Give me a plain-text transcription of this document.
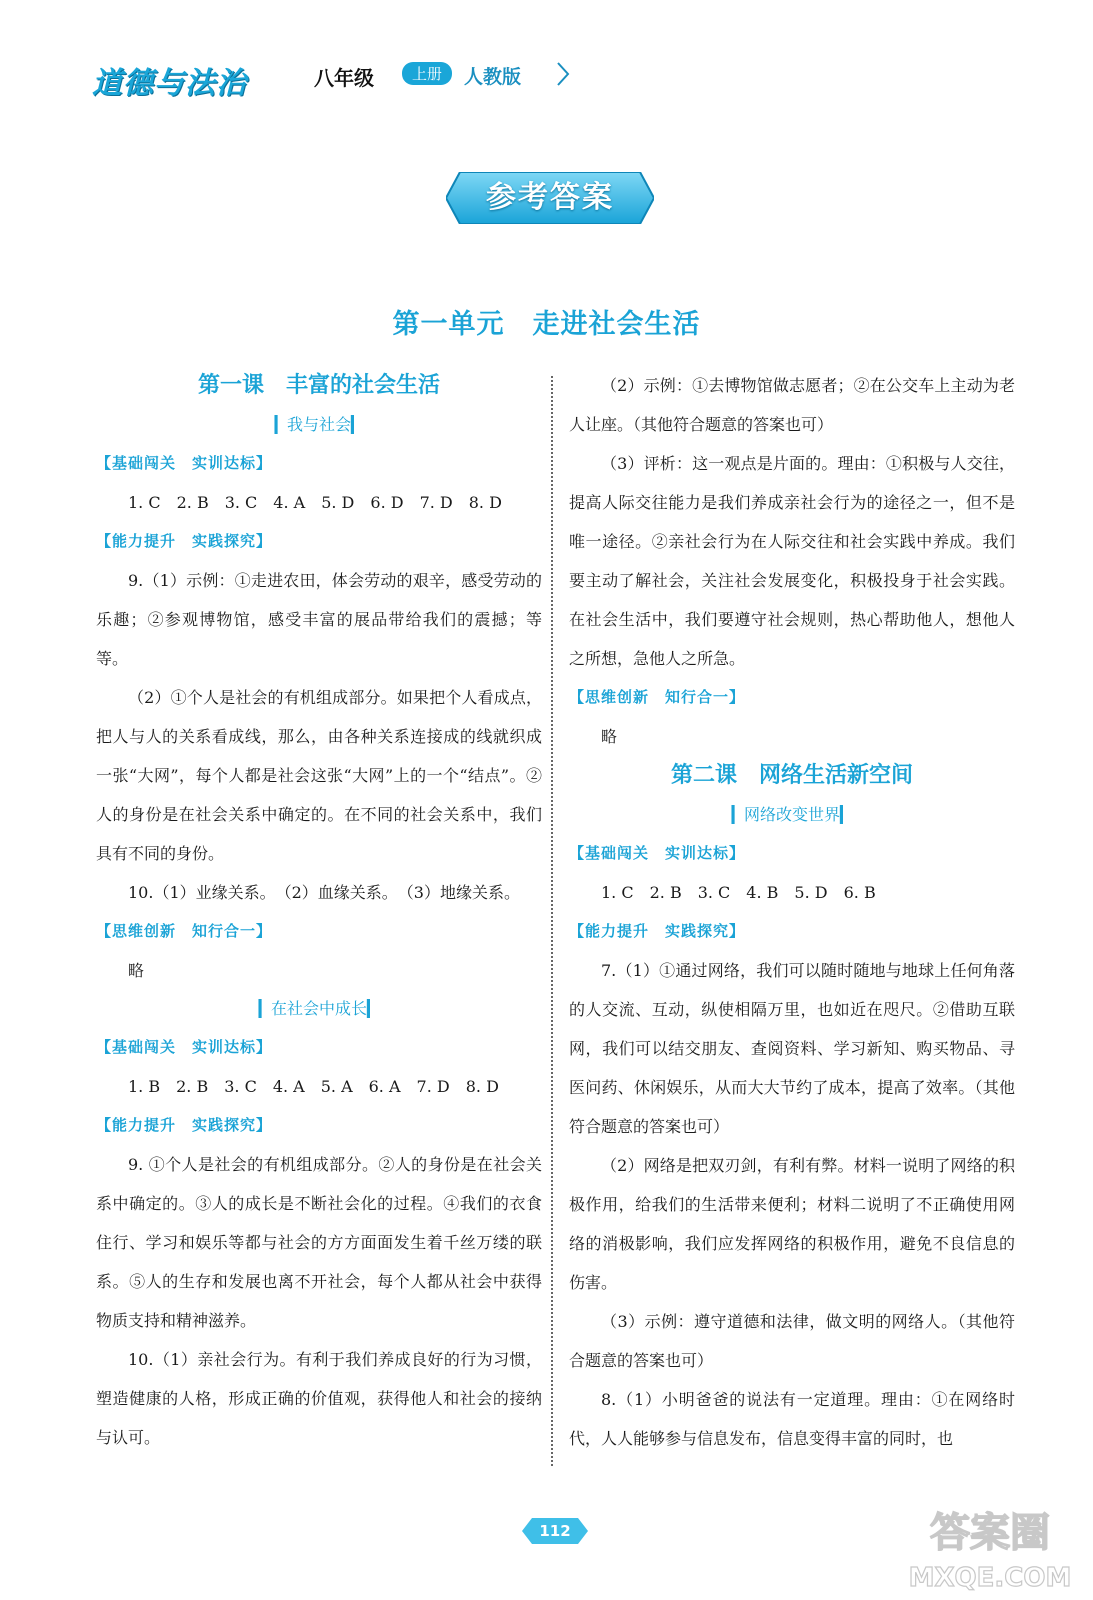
道德与法治	八年级	上册	人教版
参考答案
第一单元　走进社会生活
第一课　丰富的社会生活
▎我与社会▎
【基础闯关　实训达标】

1. C　2. B　3. C　4. A　5. D　6. D　7. D　8. D

【能力提升　实践探究】

9.（1）示例：①走进农田，体会劳动的艰辛，感受劳动的乐趣；②参观博物馆，感受丰富的展品带给我们的震撼；等等。

（2）①个人是社会的有机组成部分。如果把个人看成点，把人与人的关系看成线，那么，由各种关系连接成的线就织成一张“大网”，每个人都是社会这张“大网”上的一个“结点”。②人的身份是在社会关系中确定的。在不同的社会关系中，我们具有不同的身份。

10.（1）业缘关系。　（2）血缘关系。　（3）地缘关系。

【思维创新　知行合一】

略

▎在社会中成长▎
【基础闯关　实训达标】

1. B　2. B　3. C　4. A　5. A　6. A　7. D　8. D

【能力提升　实践探究】

9. ①个人是社会的有机组成部分。②人的身份是在社会关系中确定的。③人的成长是不断社会化的过程。④我们的衣食住行、学习和娱乐等都与社会的方方面面发生着千丝万缕的联系。⑤人的生存和发展也离不开社会，每个人都从社会中获得物质支持和精神滋养。

10.（1）亲社会行为。有利于我们养成良好的行为习惯，塑造健康的人格，形成正确的价值观，获得他人和社会的接纳与认可。

（2）示例：①去博物馆做志愿者；②在公交车上主动为老人让座。（其他符合题意的答案也可）

（3）评析：这一观点是片面的。理由：①积极与人交往，提高人际交往能力是我们养成亲社会行为的途径之一，但不是唯一途径。②亲社会行为在人际交往和社会实践中养成。我们要主动了解社会，关注社会发展变化，积极投身于社会实践。在社会生活中，我们要遵守社会规则，热心帮助他人，想他人之所想，急他人之所急。

【思维创新　知行合一】

略

第二课　网络生活新空间
▎网络改变世界▎
【基础闯关　实训达标】

1. C　2. B　3. C　4. B　5. D　6. B

【能力提升　实践探究】

7.（1）①通过网络，我们可以随时随地与地球上任何角落的人交流、互动，纵使相隔万里，也如近在咫尺。②借助互联网，我们可以结交朋友、查阅资料、学习新知、购买物品、寻医问药、休闲娱乐，从而大大节约了成本，提高了效率。（其他符合题意的答案也可）

（2）网络是把双刃剑，有利有弊。材料一说明了网络的积极作用，给我们的生活带来便利；材料二说明了不正确使用网络的消极影响，我们应发挥网络的积极作用，避免不良信息的伤害。

（3）示例：遵守道德和法律，做文明的网络人。（其他符合题意的答案也可）

8.（1）小明爸爸的说法有一定道理。理由：①在网络时代，人人能够参与信息发布，信息变得丰富的同时，也

112	答案圈
MXQE.COM
